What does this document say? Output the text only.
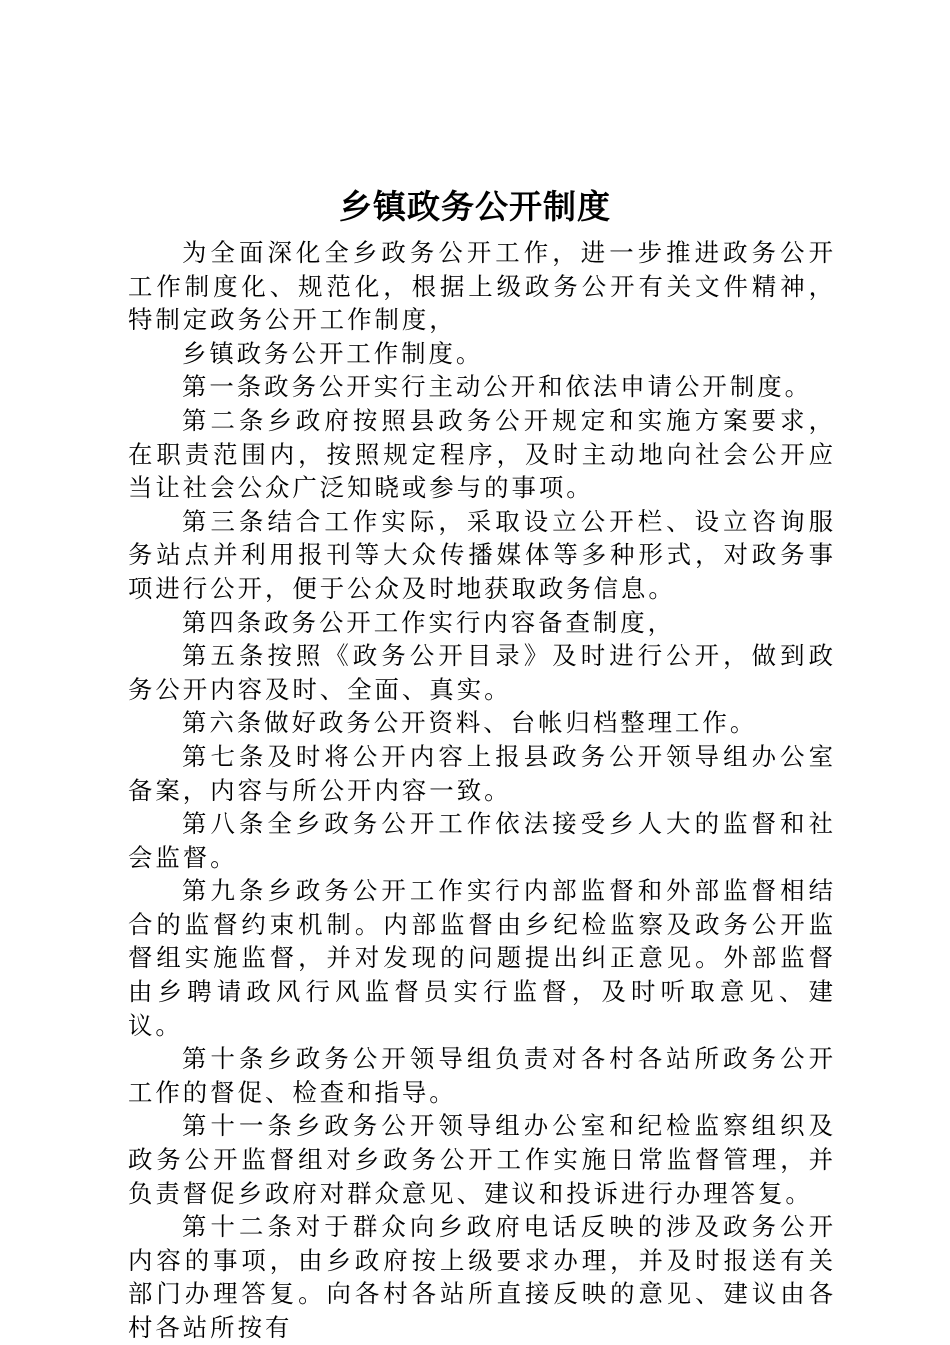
乡镇政务公开制度

为全面深化全乡政务公开工作，进一步推进政务公开工作制度化、规范化，根据上级政务公开有关文件精神，特制定政务公开工作制度，

乡镇政务公开工作制度。

第一条政务公开实行主动公开和依法申请公开制度。

第二条乡政府按照县政务公开规定和实施方案要求，在职责范围内，按照规定程序，及时主动地向社会公开应当让社会公众广泛知晓或参与的事项。

第三条结合工作实际，采取设立公开栏、设立咨询服务站点并利用报刊等大众传播媒体等多种形式，对政务事项进行公开，便于公众及时地获取政务信息。

第四条政务公开工作实行内容备查制度，

第五条按照《政务公开目录》及时进行公开，做到政务公开内容及时、全面、真实。

第六条做好政务公开资料、台帐归档整理工作。

第七条及时将公开内容上报县政务公开领导组办公室备案，内容与所公开内容一致。

第八条全乡政务公开工作依法接受乡人大的监督和社会监督。

第九条乡政务公开工作实行内部监督和外部监督相结合的监督约束机制。内部监督由乡纪检监察及政务公开监督组实施监督，并对发现的问题提出纠正意见。外部监督由乡聘请政风行风监督员实行监督，及时听取意见、建议。

第十条乡政务公开领导组负责对各村各站所政务公开工作的督促、检查和指导。

第十一条乡政务公开领导组办公室和纪检监察组织及政务公开监督组对乡政务公开工作实施日常监督管理，并负责督促乡政府对群众意见、建议和投诉进行办理答复。

第十二条对于群众向乡政府电话反映的涉及政务公开内容的事项，由乡政府按上级要求办理，并及时报送有关部门办理答复。向各村各站所直接反映的意见、建议由各村各站所按有
